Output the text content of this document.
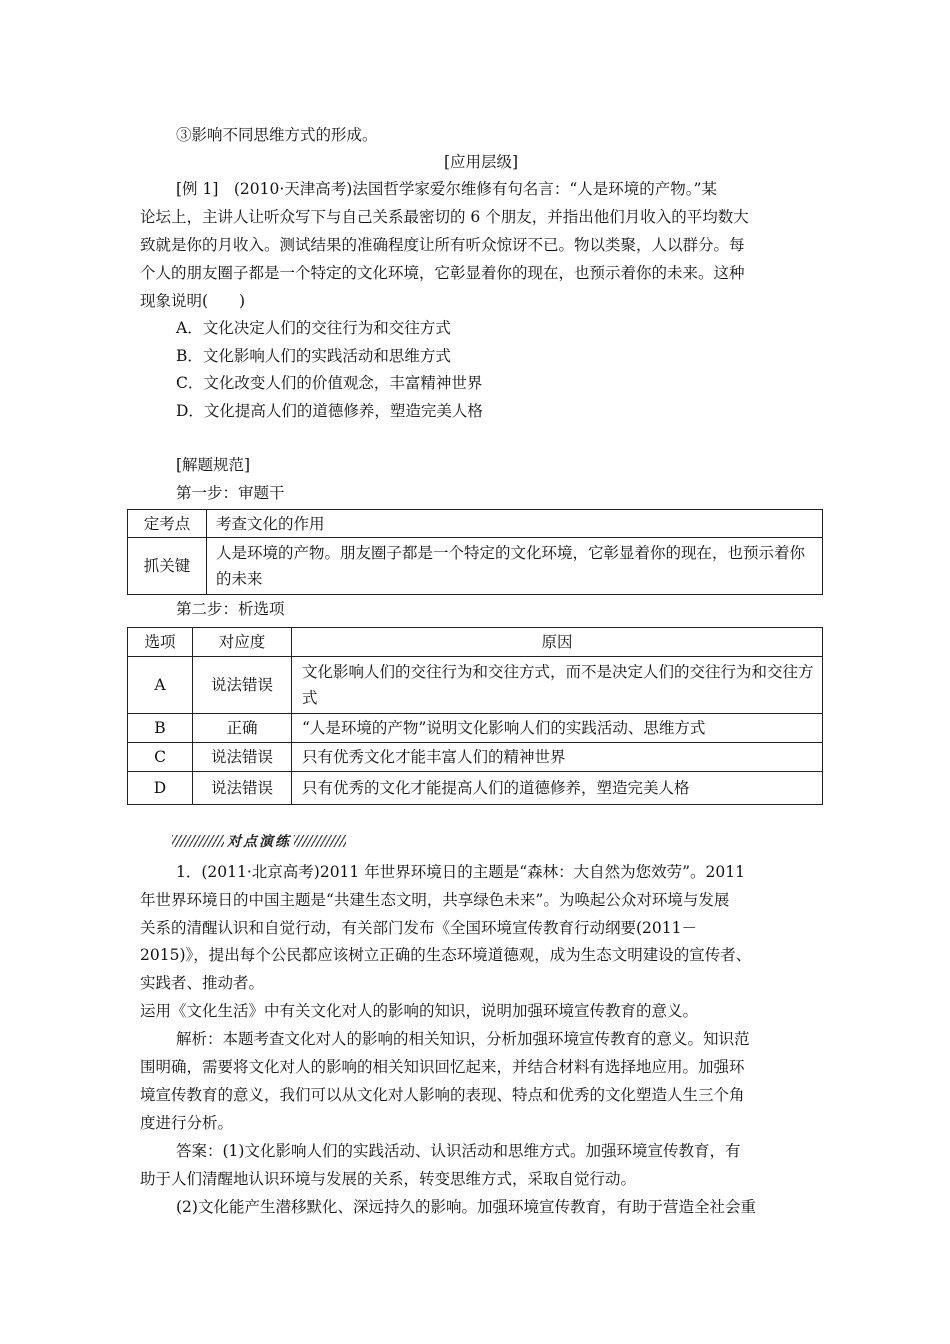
③影响不同思维方式的形成。
[应用层级]
[例 1]　(2010·天津高考)法国哲学家爱尔维修有句名言：“人是环境的产物。”某
论坛上，主讲人让听众写下与自己关系最密切的 6 个朋友，并指出他们月收入的平均数大
致就是你的月收入。测试结果的准确程度让所有听众惊讶不已。物以类聚，人以群分。每
个人的朋友圈子都是一个特定的文化环境，它彰显着你的现在，也预示着你的未来。这种
现象说明(　　)
A．文化决定人们的交往行为和交往方式
B．文化影响人们的实践活动和思维方式
C．文化改变人们的价值观念，丰富精神世界
D．文化提高人们的道德修养，塑造完美人格
[解题规范]
第一步：审题干
定考点	考查文化的作用
抓关键	人是环境的产物。朋友圈子都是一个特定的文化环境，它彰显着你的现在，也预示着你的未来
第二步：析选项
选项	对应度	原因
A	说法错误	文化影响人们的交往行为和交往方式，而不是决定人们的交往行为和交往方式
B	正确	“人是环境的产物”说明文化影响人们的实践活动、思维方式
C	说法错误	只有优秀文化才能丰富人们的精神世界
D	说法错误	只有优秀的文化才能提高人们的道德修养，塑造完美人格
对点演练
1．(2011·北京高考)2011 年世界环境日的主题是“森林：大自然为您效劳”。2011
年世界环境日的中国主题是“共建生态文明，共享绿色未来”。为唤起公众对环境与发展
关系的清醒认识和自觉行动，有关部门发布《全国环境宣传教育行动纲要(2011－
2015)》，提出每个公民都应该树立正确的生态环境道德观，成为生态文明建设的宣传者、
实践者、推动者。
运用《文化生活》中有关文化对人的影响的知识，说明加强环境宣传教育的意义。
解析：本题考查文化对人的影响的相关知识，分析加强环境宣传教育的意义。知识范
围明确，需要将文化对人的影响的相关知识回忆起来，并结合材料有选择地应用。加强环
境宣传教育的意义，我们可以从文化对人影响的表现、特点和优秀的文化塑造人生三个角
度进行分析。
答案：(1)文化影响人们的实践活动、认识活动和思维方式。加强环境宣传教育，有
助于人们清醒地认识环境与发展的关系，转变思维方式，采取自觉行动。
(2)文化能产生潜移默化、深远持久的影响。加强环境宣传教育，有助于营造全社会重
